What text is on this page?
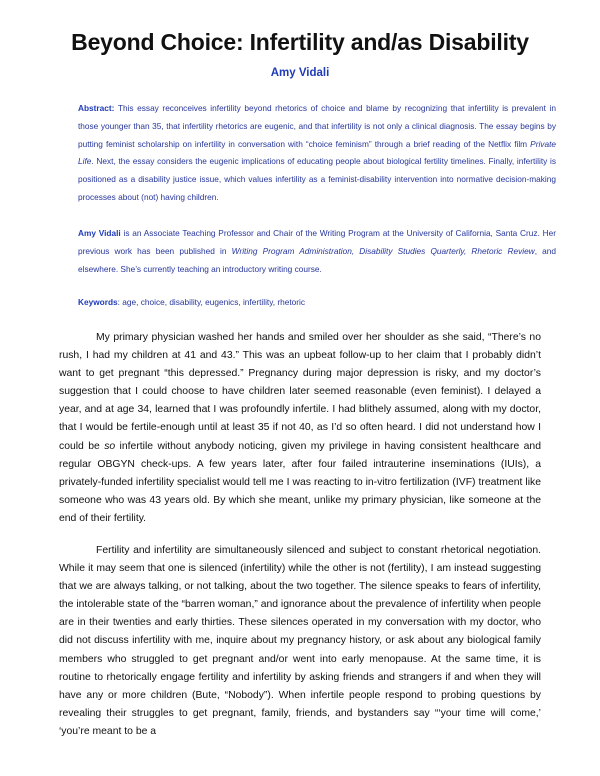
Beyond Choice: Infertility and/as Disability
Amy Vidali
Abstract: This essay reconceives infertility beyond rhetorics of choice and blame by recognizing that infertility is prevalent in those younger than 35, that infertility rhetorics are eugenic, and that infertility is not only a clinical diagnosis. The essay begins by putting feminist scholarship on infertility in conversation with “choice feminism” through a brief reading of the Netflix film Private Life. Next, the essay considers the eugenic implications of educating people about biological fertility timelines. Finally, infertility is positioned as a disability justice issue, which values infertility as a feminist-disability intervention into normative decision-making processes about (not) having children.
Amy Vidali is an Associate Teaching Professor and Chair of the Writing Program at the University of California, Santa Cruz. Her previous work has been published in Writing Program Administration, Disability Studies Quarterly, Rhetoric Review, and elsewhere. She’s currently teaching an introductory writing course.
Keywords: age, choice, disability, eugenics, infertility, rhetoric

My primary physician washed her hands and smiled over her shoulder as she said, “There’s no rush, I had my children at 41 and 43.” This was an upbeat follow-up to her claim that I probably didn’t want to get pregnant “this depressed.” Pregnancy during major depression is risky, and my doctor’s suggestion that I could choose to have children later seemed reasonable (even feminist). I delayed a year, and at age 34, learned that I was profoundly infertile. I had blithely assumed, along with my doctor, that I would be fertile-enough until at least 35 if not 40, as I’d so often heard. I did not understand how I could be so infertile without anybody noticing, given my privilege in having consistent healthcare and regular OBGYN check-ups. A few years later, after four failed intrauterine inseminations (IUIs), a privately-funded infertility specialist would tell me I was reacting to in-vitro fertilization (IVF) treatment like someone who was 43 years old. By which she meant, unlike my primary physician, like someone at the end of their fertility.

Fertility and infertility are simultaneously silenced and subject to constant rhetorical negotiation. While it may seem that one is silenced (infertility) while the other is not (fertility), I am instead suggesting that we are always talking, or not talking, about the two together. The silence speaks to fears of infertility, the intolerable state of the “barren woman,” and ignorance about the prevalence of infertility when people are in their twenties and early thirties. These silences operated in my conversation with my doctor, who did not discuss infertility with me, inquire about my pregnancy history, or ask about any biological family members who struggled to get pregnant and/or went into early menopause. At the same time, it is routine to rhetorically engage fertility and infertility by asking friends and strangers if and when they will have any or more children (Bute, “Nobody”). When infertile people respond to probing questions by revealing their struggles to get pregnant, family, friends, and bystanders say “‘your time will come,’ ‘you’re meant to be a
